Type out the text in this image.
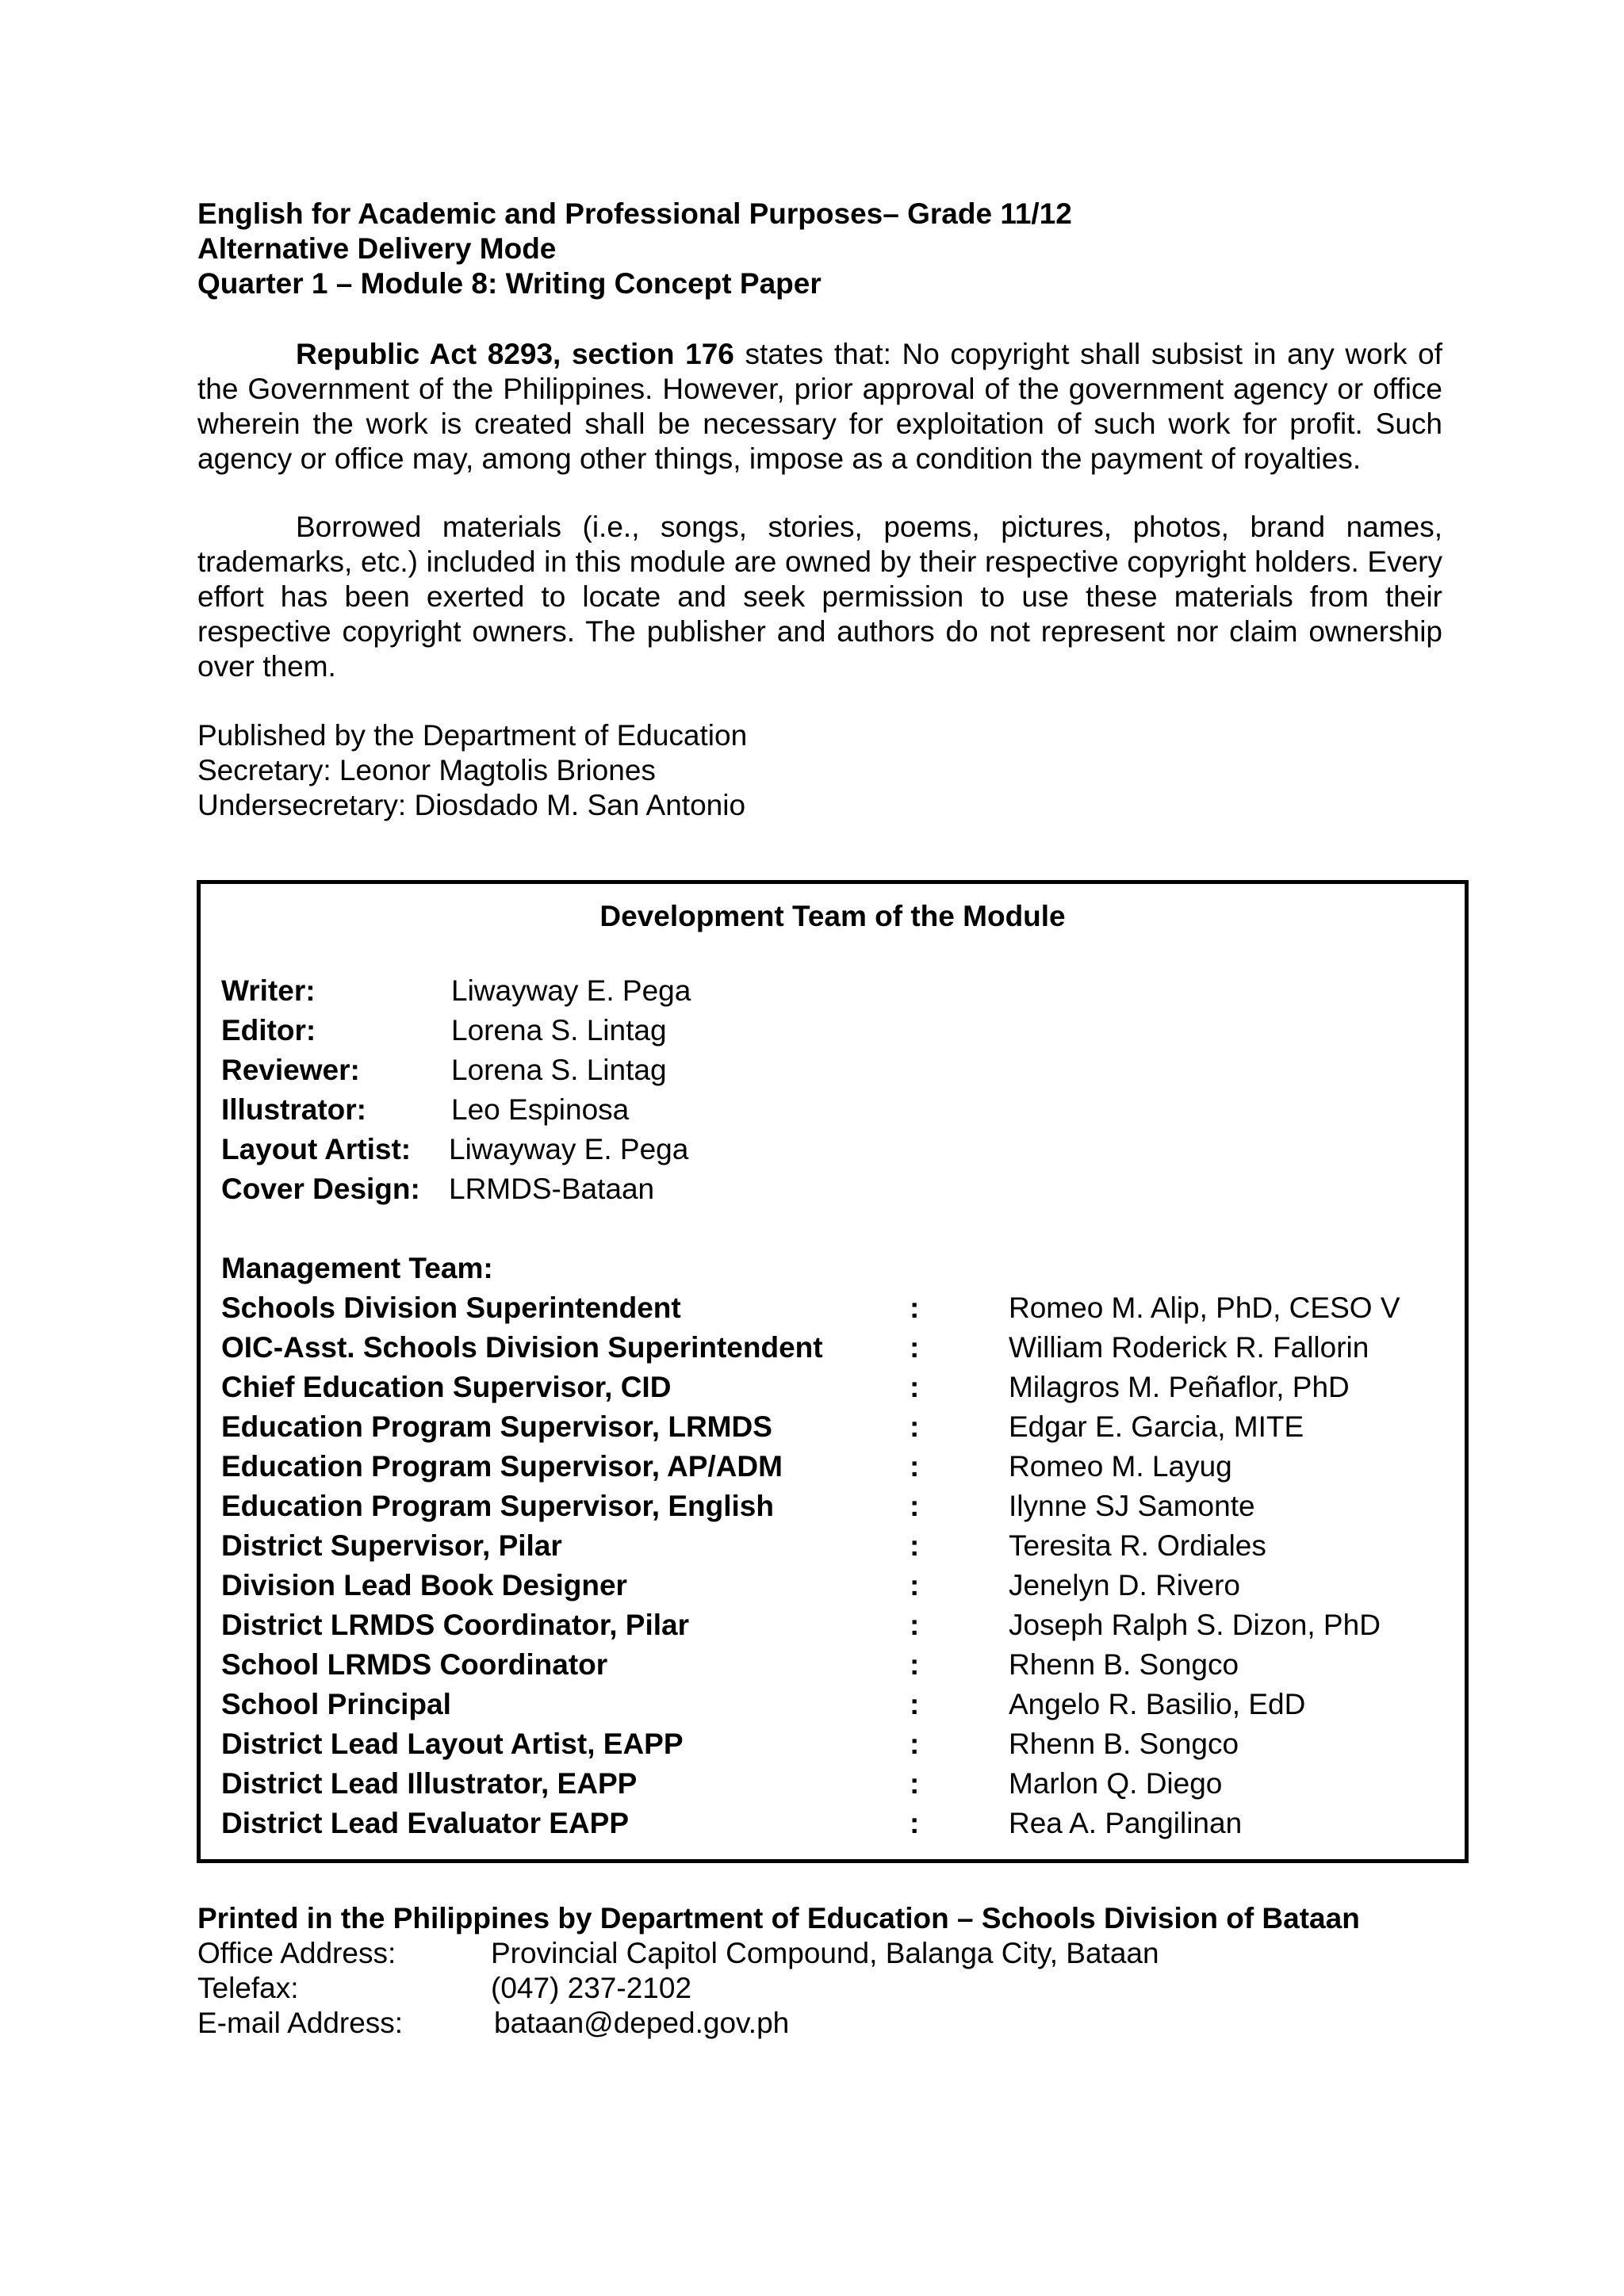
English for Academic and Professional Purposes– Grade 11/12
Alternative Delivery Mode
Quarter 1 – Module 8: Writing Concept Paper
Republic Act 8293, section 176 states that: No copyright shall subsist in any work of the Government of the Philippines. However, prior approval of the government agency or office wherein the work is created shall be necessary for exploitation of such work for profit. Such agency or office may, among other things, impose as a condition the payment of royalties.
Borrowed materials (i.e., songs, stories, poems, pictures, photos, brand names, trademarks, etc.) included in this module are owned by their respective copyright holders. Every effort has been exerted to locate and seek permission to use these materials from their respective copyright owners. The publisher and authors do not represent nor claim ownership over them.
Published by the Department of Education
Secretary: Leonor Magtolis Briones
Undersecretary: Diosdado M. San Antonio
Development Team of the Module
Writer:	Liwayway E. Pega
Editor:	Lorena S. Lintag
Reviewer:	Lorena S. Lintag
Illustrator:	Leo Espinosa
Layout Artist: Liwayway E. Pega
Cover Design: LRMDS-Bataan
Management Team:
Schools Division Superintendent	:	Romeo M. Alip, PhD, CESO V
OIC-Asst. Schools Division Superintendent	:	William Roderick R. Fallorin
Chief Education Supervisor, CID	:	Milagros M. Peñaflor, PhD
Education Program Supervisor, LRMDS	:	Edgar E. Garcia, MITE
Education Program Supervisor, AP/ADM	:	Romeo M. Layug
Education Program Supervisor, English	:	Ilynne SJ Samonte
District Supervisor, Pilar	:	Teresita R. Ordiales
Division Lead Book Designer	:	Jenelyn D. Rivero
District LRMDS Coordinator, Pilar	:	Joseph Ralph S. Dizon, PhD
School LRMDS Coordinator	:	Rhenn B. Songco
School Principal	:	Angelo R. Basilio, EdD
District Lead Layout Artist, EAPP	:	Rhenn B. Songco
District Lead Illustrator, EAPP	:	Marlon Q. Diego
District Lead Evaluator EAPP	:	Rea A. Pangilinan
Printed in the Philippines by Department of Education – Schools Division of Bataan
Office Address:	Provincial Capitol Compound, Balanga City, Bataan
Telefax:	(047) 237-2102
E-mail Address:	bataan@deped.gov.ph
